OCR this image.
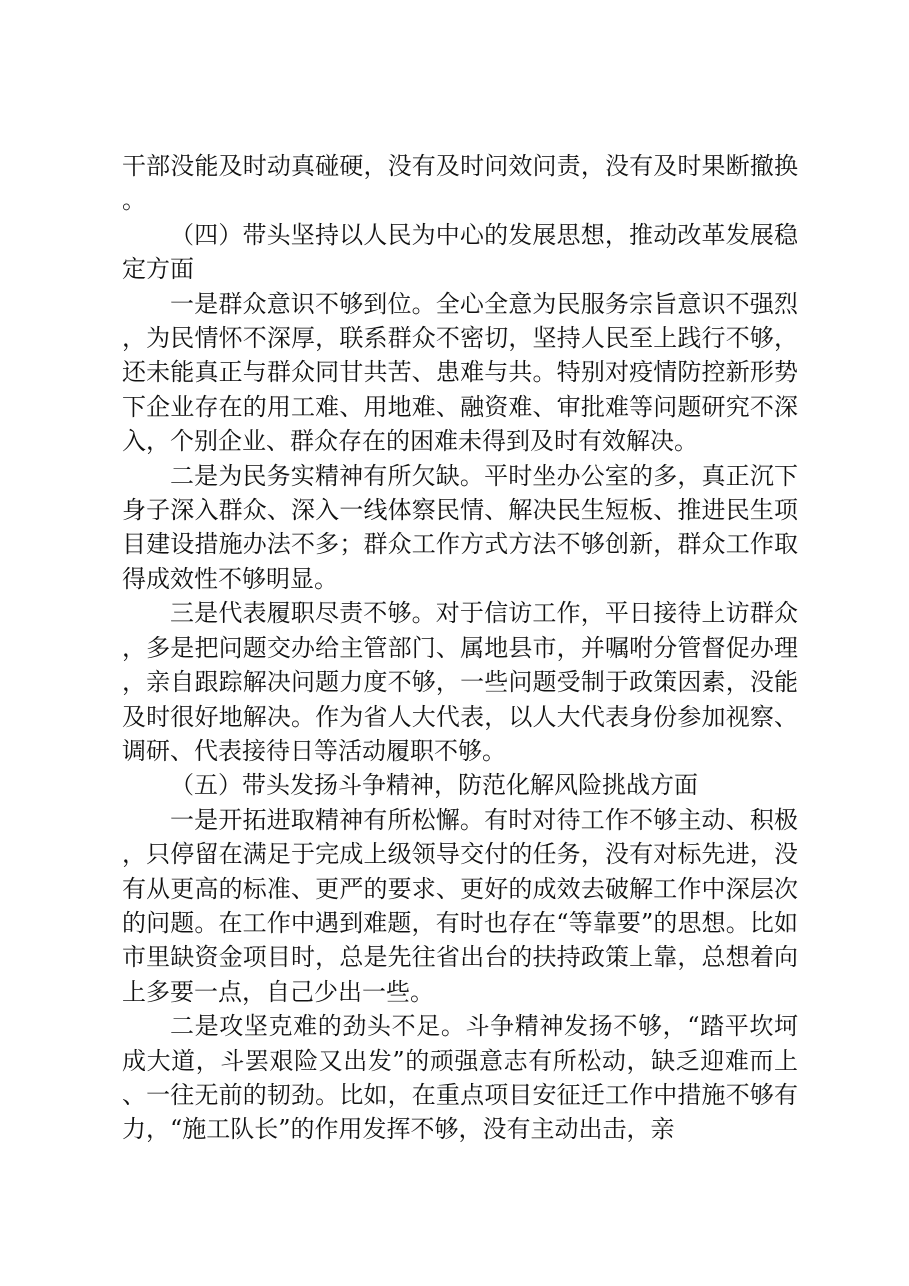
干部没能及时动真碰硬，没有及时问效问责，没有及时果断撤换。

（四）带头坚持以人民为中心的发展思想，推动改革发展稳定方面

一是群众意识不够到位。全心全意为民服务宗旨意识不强烈，为民情怀不深厚，联系群众不密切，坚持人民至上践行不够，还未能真正与群众同甘共苦、患难与共。特别对疫情防控新形势下企业存在的用工难、用地难、融资难、审批难等问题研究不深入，个别企业、群众存在的困难未得到及时有效解决。

二是为民务实精神有所欠缺。平时坐办公室的多，真正沉下身子深入群众、深入一线体察民情、解决民生短板、推进民生项目建设措施办法不多；群众工作方式方法不够创新，群众工作取得成效性不够明显。

三是代表履职尽责不够。对于信访工作，平日接待上访群众，多是把问题交办给主管部门、属地县市，并嘱咐分管督促办理，亲自跟踪解决问题力度不够，一些问题受制于政策因素，没能及时很好地解决。作为省人大代表，以人大代表身份参加视察、调研、代表接待日等活动履职不够。

（五）带头发扬斗争精神，防范化解风险挑战方面

一是开拓进取精神有所松懈。有时对待工作不够主动、积极，只停留在满足于完成上级领导交付的任务，没有对标先进，没有从更高的标准、更严的要求、更好的成效去破解工作中深层次的问题。在工作中遇到难题，有时也存在“等靠要”的思想。比如市里缺资金项目时，总是先往省出台的扶持政策上靠，总想着向上多要一点，自己少出一些。

二是攻坚克难的劲头不足。斗争精神发扬不够，“踏平坎坷成大道，斗罢艰险又出发”的顽强意志有所松动，缺乏迎难而上、一往无前的韧劲。比如，在重点项目安征迁工作中措施不够有力，“施工队长”的作用发挥不够，没有主动出击，亲
